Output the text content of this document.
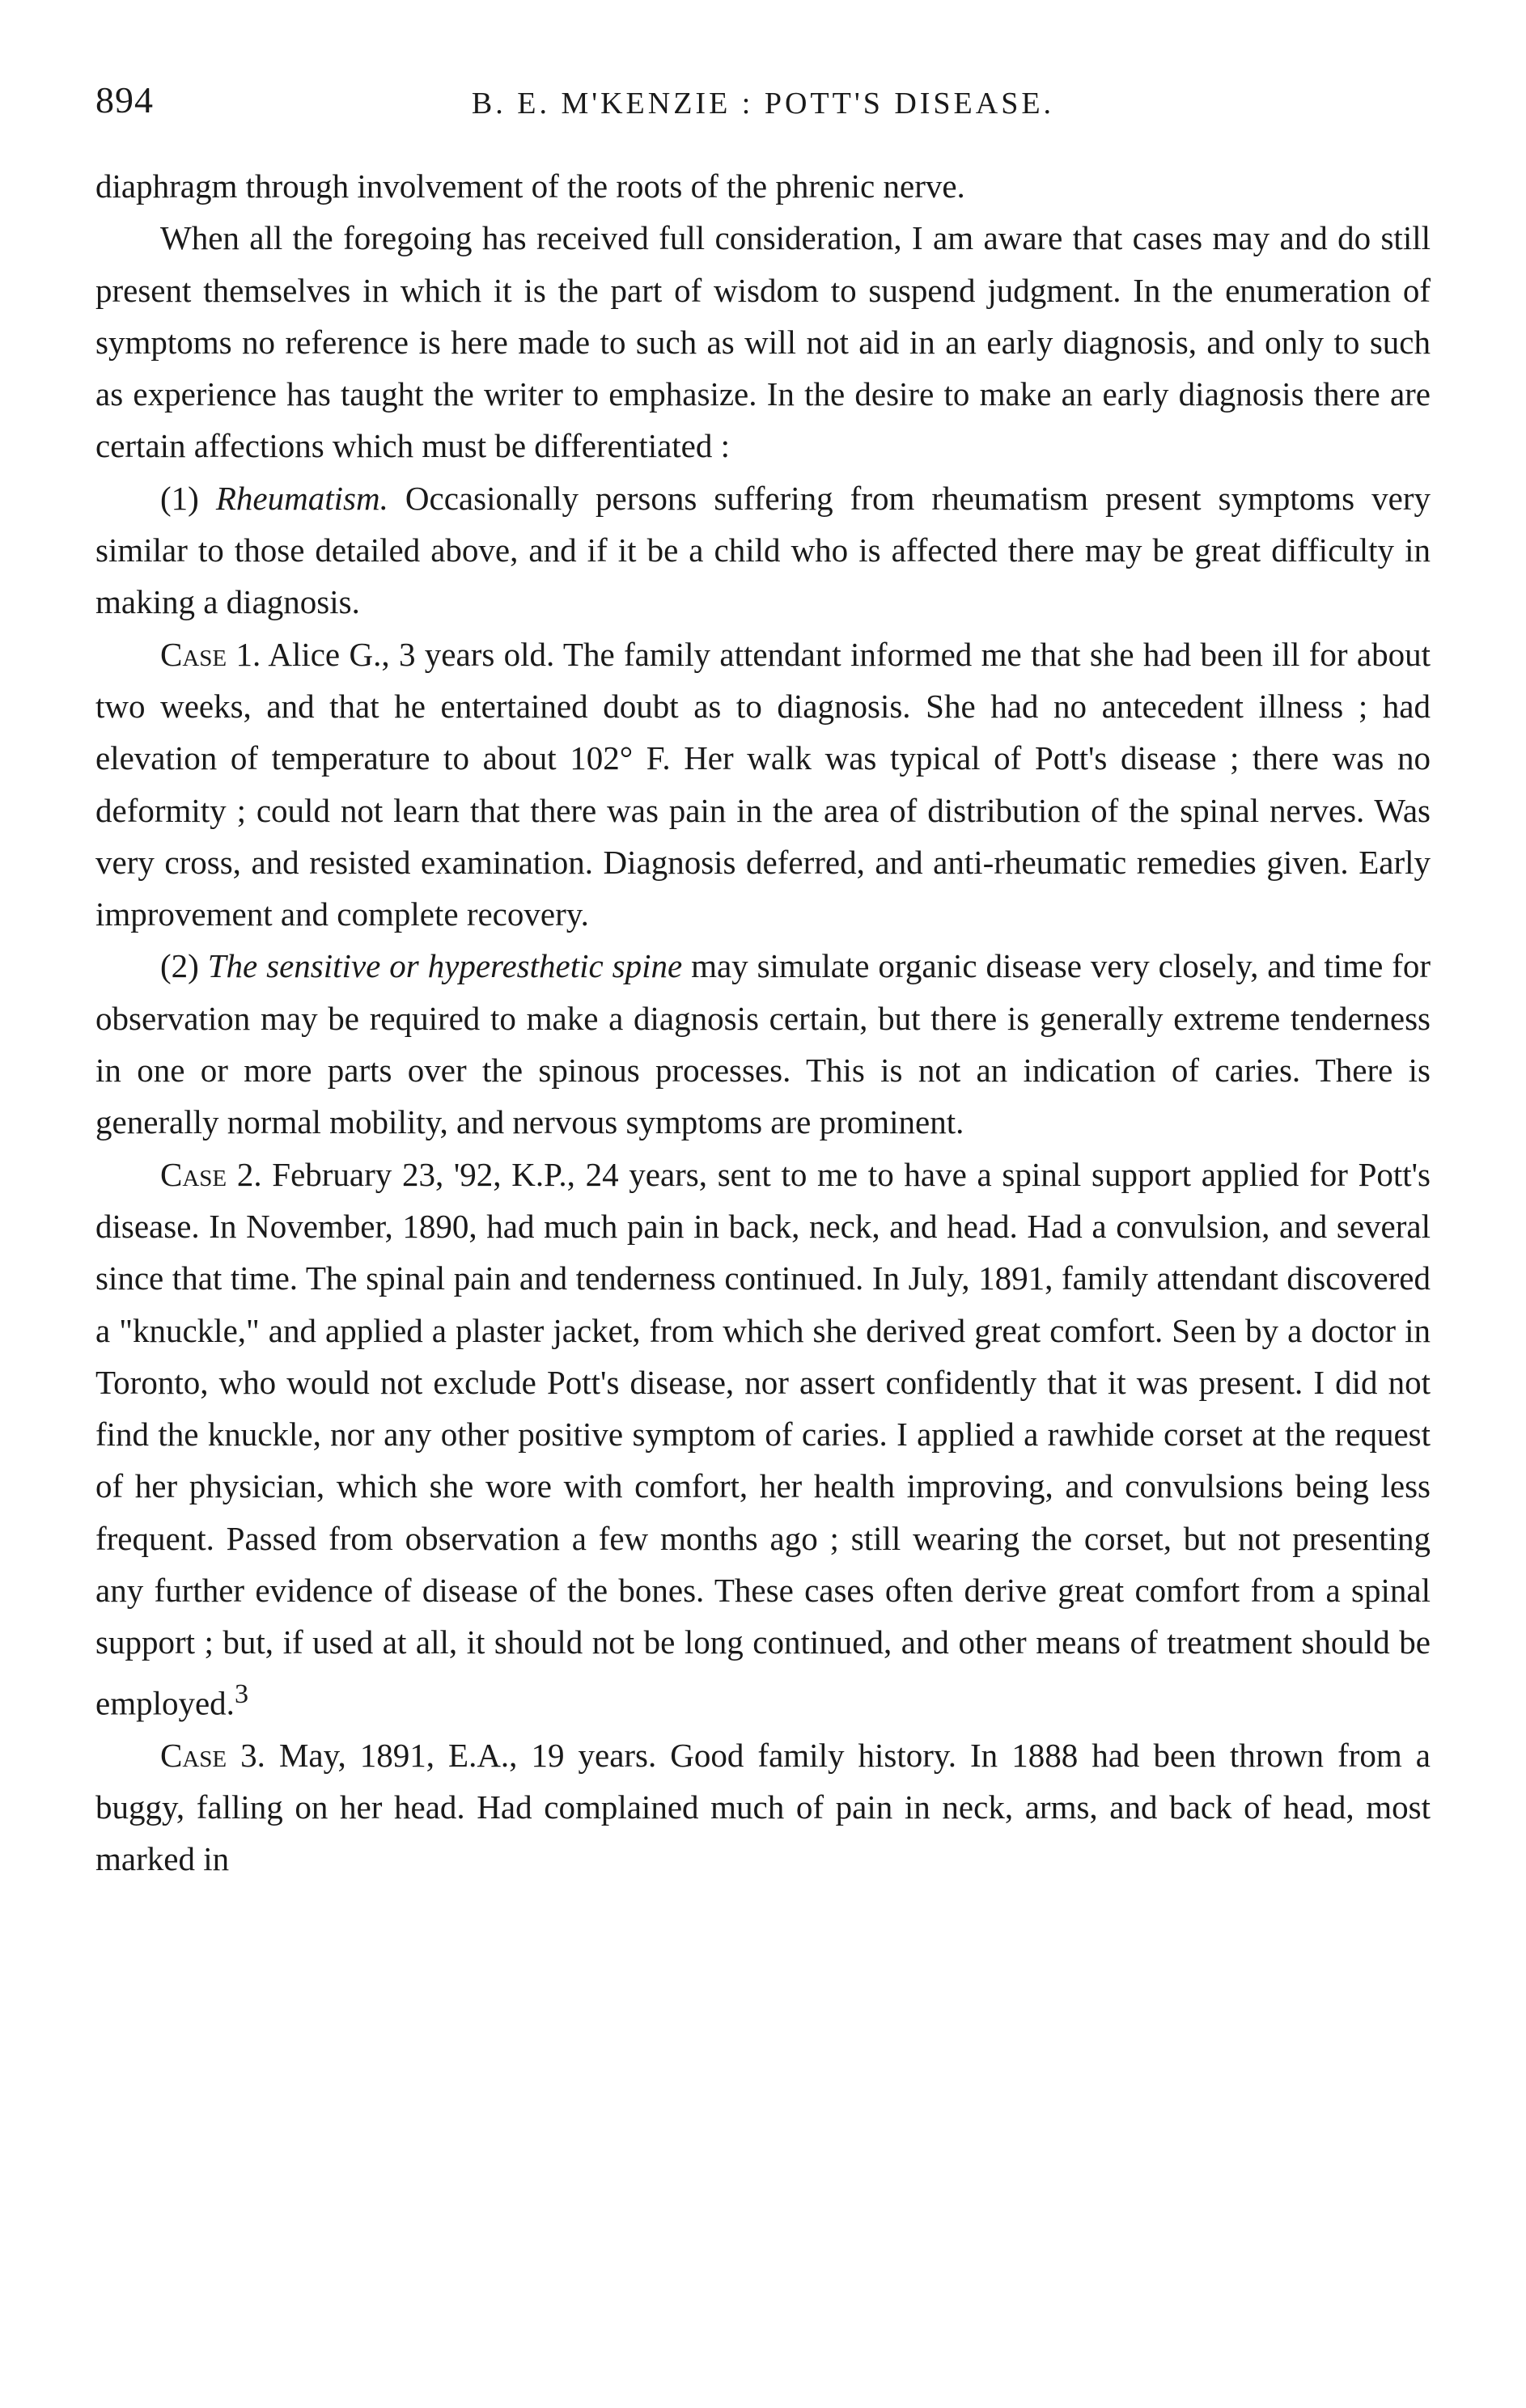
894	B. E. M'KENZIE : POTT'S DISEASE.

diaphragm through involvement of the roots of the phrenic nerve.

When all the foregoing has received full consideration, I am aware that cases may and do still present themselves in which it is the part of wisdom to suspend judgment. In the enumeration of symptoms no reference is here made to such as will not aid in an early diagnosis, and only to such as experience has taught the writer to emphasize. In the desire to make an early diagnosis there are certain affections which must be differentiated :

(1) Rheumatism. Occasionally persons suffering from rheumatism present symptoms very similar to those detailed above, and if it be a child who is affected there may be great difficulty in making a diagnosis.

Case 1. Alice G., 3 years old. The family attendant informed me that she had been ill for about two weeks, and that he entertained doubt as to diagnosis. She had no antecedent illness ; had elevation of temperature to about 102° F. Her walk was typical of Pott's disease ; there was no deformity ; could not learn that there was pain in the area of distribution of the spinal nerves. Was very cross, and resisted examination. Diagnosis deferred, and anti-rheumatic remedies given. Early improvement and complete recovery.

(2) The sensitive or hyperesthetic spine may simulate organic disease very closely, and time for observation may be required to make a diagnosis certain, but there is generally extreme tenderness in one or more parts over the spinous processes. This is not an indication of caries. There is generally normal mobility, and nervous symptoms are prominent.

Case 2. February 23, '92, K.P., 24 years, sent to me to have a spinal support applied for Pott's disease. In November, 1890, had much pain in back, neck, and head. Had a convulsion, and several since that time. The spinal pain and tenderness continued. In July, 1891, family attendant discovered a "knuckle," and applied a plaster jacket, from which she derived great comfort. Seen by a doctor in Toronto, who would not exclude Pott's disease, nor assert confidently that it was present. I did not find the knuckle, nor any other positive symptom of caries. I applied a rawhide corset at the request of her physician, which she wore with comfort, her health improving, and convulsions being less frequent. Passed from observation a few months ago ; still wearing the corset, but not presenting any further evidence of disease of the bones. These cases often derive great comfort from a spinal support ; but, if used at all, it should not be long continued, and other means of treatment should be employed.$^3$

Case 3. May, 1891, E.A., 19 years. Good family history. In 1888 had been thrown from a buggy, falling on her head. Had complained much of pain in neck, arms, and back of head, most marked in
